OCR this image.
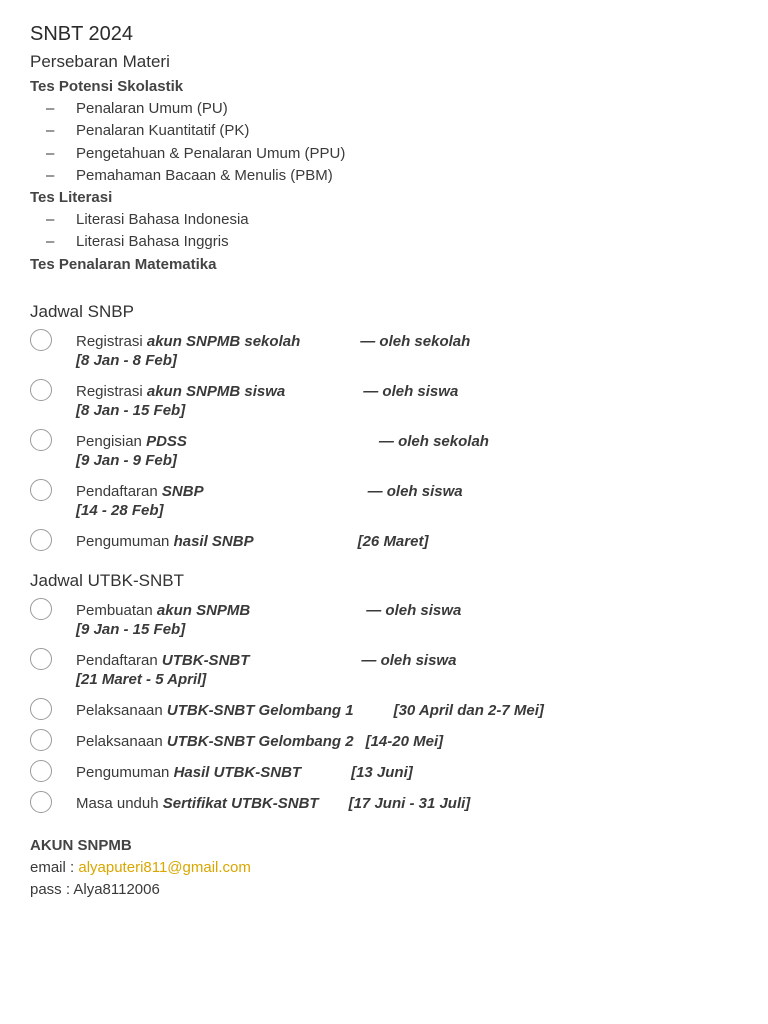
SNBT 2024
Persebaran Materi
Tes Potensi Skolastik
– Penalaran Umum (PU)
– Penalaran Kuantitatif (PK)
– Pengetahuan & Penalaran Umum (PPU)
– Pemahaman Bacaan & Menulis (PBM)
Tes Literasi
– Literasi Bahasa Indonesia
– Literasi Bahasa Inggris
Tes Penalaran Matematika
Jadwal SNBP
Registrasi akun SNPMB sekolah	— oleh sekolah
[8 Jan - 8 Feb]
Registrasi akun SNPMB siswa	— oleh siswa
[8 Jan - 15 Feb]
Pengisian PDSS	— oleh sekolah
[9 Jan - 9 Feb]
Pendaftaran SNBP	— oleh siswa
[14 - 28 Feb]
Pengumuman hasil SNBP	[26 Maret]
Jadwal UTBK-SNBT
Pembuatan akun SNPMB	— oleh siswa
[9 Jan - 15 Feb]
Pendaftaran UTBK-SNBT	— oleh siswa
[21 Maret - 5 April]
Pelaksanaan UTBK-SNBT Gelombang 1	[30 April dan 2-7 Mei]
Pelaksanaan UTBK-SNBT Gelombang 2 [14-20 Mei]
Pengumuman Hasil UTBK-SNBT	[13 Juni]
Masa unduh Sertifikat UTBK-SNBT [17 Juni - 31 Juli]
AKUN SNPMB
email : alyaputeri811@gmail.com
pass : Alya8112006
